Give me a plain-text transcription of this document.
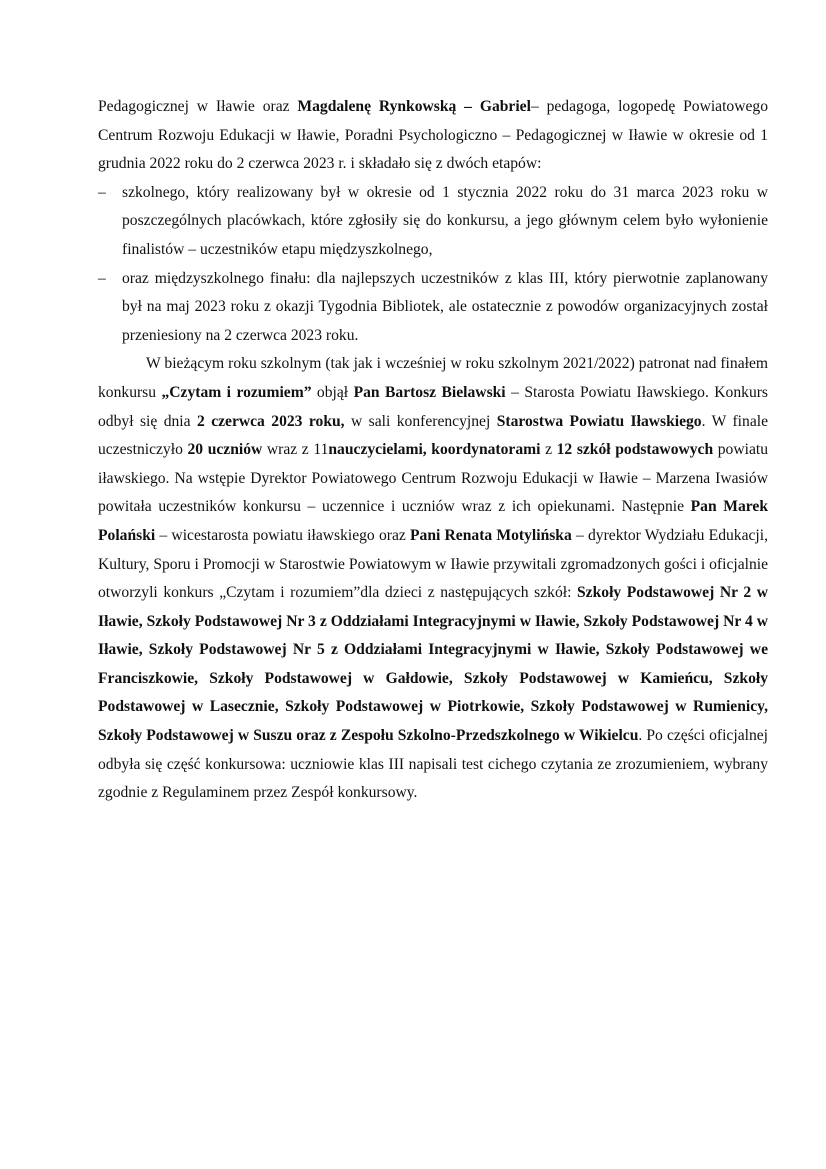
Pedagogicznej w Iławie oraz Magdalenę Rynkowską – Gabriel– pedagoga, logopedę Powiatowego Centrum Rozwoju Edukacji w Iławie, Poradni Psychologiczno – Pedagogicznej w Iławie w okresie od 1 grudnia 2022 roku do 2 czerwca 2023 r. i składało się z dwóch etapów:

– szkolnego, który realizowany był w okresie od 1 stycznia 2022 roku do 31 marca 2023 roku w poszczególnych placówkach, które zgłosiły się do konkursu, a jego głównym celem było wyłonienie finalistów – uczestników etapu międzyszkolnego,

– oraz międzyszkolnego finału: dla najlepszych uczestników z klas III, który pierwotnie zaplanowany był na maj 2023 roku z okazji Tygodnia Bibliotek, ale ostatecznie z powodów organizacyjnych został przeniesiony na 2 czerwca 2023 roku.

W bieżącym roku szkolnym (tak jak i wcześniej w roku szkolnym 2021/2022) patronat nad finałem konkursu „Czytam i rozumiem” objął Pan Bartosz Bielawski – Starosta Powiatu Iławskiego. Konkurs odbył się dnia 2 czerwca 2023 roku, w sali konferencyjnej Starostwa Powiatu Iławskiego. W finale uczestniczyło 20 uczniów wraz z 11nauczycielami, koordynatorami z 12 szkół podstawowych powiatu iławskiego. Na wstępie Dyrektor Powiatowego Centrum Rozwoju Edukacji w Iławie – Marzena Iwasiów powitała uczestników konkursu – uczennice i uczniów wraz z ich opiekunami. Następnie Pan Marek Polański – wicestarosta powiatu iławskiego oraz Pani Renata Motylińska – dyrektor Wydziału Edukacji, Kultury, Sporu i Promocji w Starostwie Powiatowym w Iławie przywitali zgromadzonych gości i oficjalnie otworzyli konkurs „Czytam i rozumiem”dla dzieci z następujących szkół: Szkoły Podstawowej Nr 2 w Iławie, Szkoły Podstawowej Nr 3 z Oddziałami Integracyjnymi w Iławie, Szkoły Podstawowej Nr 4 w Iławie, Szkoły Podstawowej Nr 5 z Oddziałami Integracyjnymi w Iławie, Szkoły Podstawowej we Franciszkowie, Szkoły Podstawowej w Gałdowie, Szkoły Podstawowej w Kamieńcu, Szkoły Podstawowej w Lasecznie, Szkoły Podstawowej w Piotrkowie, Szkoły Podstawowej w Rumienicy, Szkoły Podstawowej w Suszu oraz z Zespołu Szkolno-Przedszkolnego w Wikielcu. Po części oficjalnej odbyła się część konkursowa: uczniowie klas III napisali test cichego czytania ze zrozumieniem, wybrany zgodnie z Regulaminem przez Zespół konkursowy.
